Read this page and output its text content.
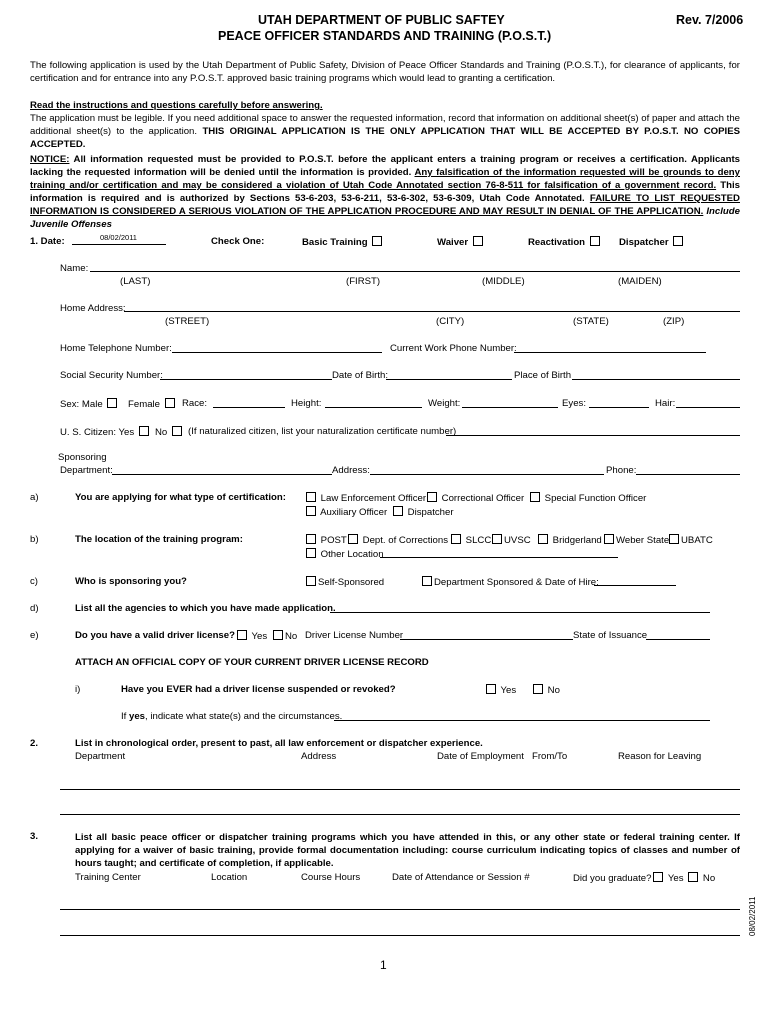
UTAH DEPARTMENT OF PUBLIC SAFTEY
PEACE OFFICER STANDARDS AND TRAINING (P.O.S.T.)
Rev. 7/2006
The following application is used by the Utah Department of Public Safety, Division of Peace Officer Standards and Training (P.O.S.T.), for clearance of applicants, for certification and for entrance into any P.O.S.T. approved basic training programs which would lead to granting a certification.
Read the instructions and questions carefully before answering.
The application must be legible. If you need additional space to answer the requested information, record that information on additional sheet(s) of paper and attach the additional sheet(s) to the application. THIS ORIGINAL APPLICATION IS THE ONLY APPLICATION THAT WILL BE ACCEPTED BY P.O.S.T. NO COPIES ACCEPTED.
NOTICE: All information requested must be provided to P.O.S.T. before the applicant enters a training program or receives a certification. Applicants lacking the requested information will be denied until the information is provided. Any falsification of the information requested will be grounds to deny training and/or certification and may be considered a violation of Utah Code Annotated section 76-8-511 for falsification of a government record. This information is required and is authorized by Sections 53-6-203, 53-6-211, 53-6-302, 53-6-309, Utah Code Annotated. FAILURE TO LIST REQUESTED INFORMATION IS CONSIDERED A SERIOUS VIOLATION OF THE APPLICATION PROCEDURE AND MAY RESULT IN DENIAL OF THE APPLICATION. Include Juvenile Offenses
1. Date:	08/02/2011	Check One:	Basic Training	Waiver	Reactivation	Dispatcher
Name:
(LAST)	(FIRST)	(MIDDLE)	(MAIDEN)
Home Address:
(STREET)	(CITY)	(STATE)	(ZIP)
Home Telephone Number:	Current Work Phone Number:
Social Security Number:	Date of Birth:	Place of Birth
Sex: Male	Female	Race:	Height:	Weight:	Eyes:	Hair:
U. S. Citizen: Yes	No	(If naturalized citizen, list your naturalization certificate number)
Sponsoring
Department:	Address:	Phone:
a)	You are applying for what type of certification:	Law Enforcement Officer	Correctional Officer	Special Function Officer
Auxiliary Officer	Dispatcher
b)	The location of the training program:	POST	Dept. of Corrections	SLCC	UVSC	Bridgerland	Weber State	UBATC
Other Location
c)	Who is sponsoring you?	Self-Sponsored	Department Sponsored & Date of Hire:
d)	List all the agencies to which you have made application.
e)	Do you have a valid driver license?	Yes	No Driver License Number	State of Issuance
ATTACH AN OFFICIAL COPY OF YOUR CURRENT DRIVER LICENSE RECORD
i)	Have you EVER had a driver license suspended or revoked?	Yes	No
If yes, indicate what state(s) and the circumstances.
2.	List in chronological order, present to past, all law enforcement or dispatcher experience.
Department	Address	Date of Employment From/To	Reason for Leaving
3.	List all basic peace officer or dispatcher training programs which you have attended in this, or any other state or federal training center. If applying for a waiver of basic training, provide formal documentation including: course curriculum indicating topics of classes and number of hours taught; and certificate of completion, if applicable.
Training Center	Location	Course Hours	Date of Attendance or Session #	Did you graduate? Yes No
08/02/2011
1
